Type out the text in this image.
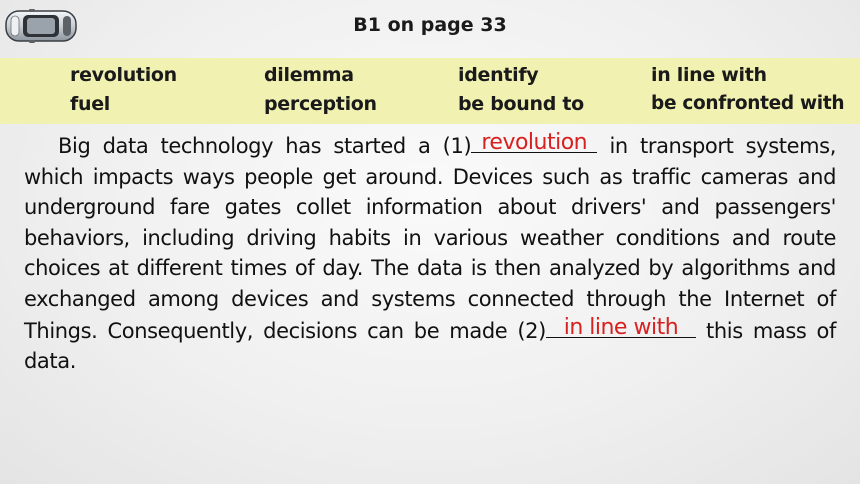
B1 on page 33
revolution	dilemma	identify	in line with
fuel	perception	be bound to	be confronted with

Big data technology has started a (1) revolution in transport systems, which impacts ways people get around. Devices such as traffic cameras and underground fare gates collet information about drivers' and passengers' behaviors, including driving habits in various weather conditions and route choices at different times of day. The data is then analyzed by algorithms and exchanged among devices and systems connected through the Internet of Things. Consequently, decisions can be made (2) in line with this mass of data.
